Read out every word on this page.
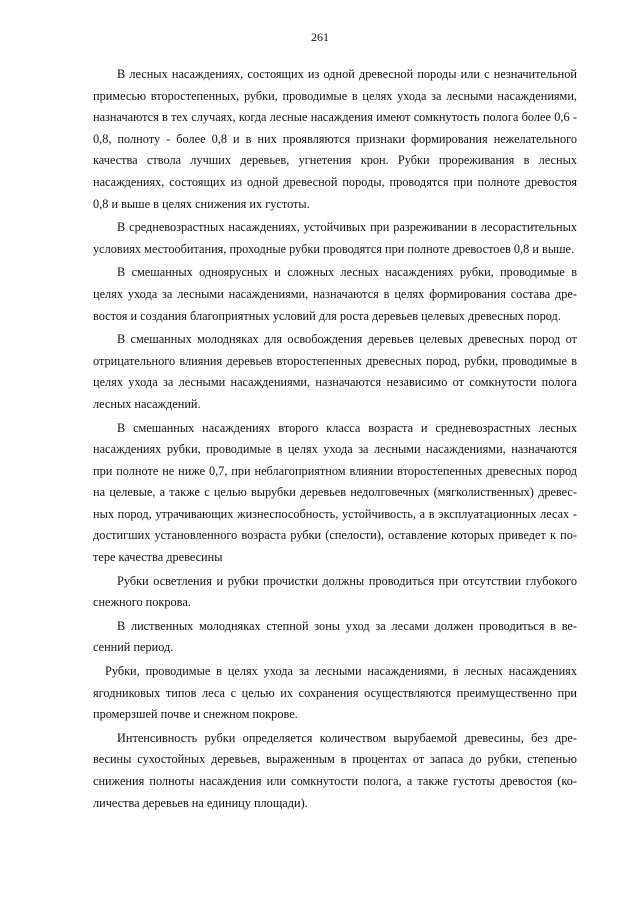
261

В лесных насаждениях, состоящих из одной древесной породы или с незначительной примесью второстепенных, рубки, проводимые в целях ухода за лесными насаждениями, назначаются в тех случаях, когда лесные насаждения имеют сомкнутость полога более 0,6 - 0,8, полноту - более 0,8 и в них проявляются признаки формирования нежелательного качества ствола лучших деревьев, угнетения крон. Рубки прореживания в лесных насаждениях, состоящих из одной древесной породы, проводятся при полноте древостоя 0,8 и выше в целях снижения их густоты.

В средневозрастных насаждениях, устойчивых при разреживании в лесорастительных условиях местообитания, проходные рубки проводятся при полноте древостоев 0,8 и выше.

В смешанных одноярусных и сложных лесных насаждениях рубки, проводимые в целях ухода за лесными насаждениями, назначаются в целях формирования состава древостоя и создания благоприятных условий для роста деревьев целевых древесных пород.

В смешанных молодняках для освобождения деревьев целевых древесных пород от отрицательного влияния деревьев второстепенных древесных пород, рубки, проводимые в целях ухода за лесными насаждениями, назначаются независимо от сомкнутости полога лесных насаждений.

В смешанных насаждениях второго класса возраста и средневозрастных лесных насаждениях рубки, проводимые в целях ухода за лесными насаждениями, назначаются при полноте не ниже 0,7, при неблагоприятном влиянии второстепенных древесных пород на целевые, а также с целью вырубки деревьев недолговечных (мягколиственных) древесных пород, утрачивающих жизнеспособность, устойчивость, а в эксплуатационных лесах - достигших установленного возраста рубки (спелости), оставление которых приведет к потере качества древесины

Рубки осветления и рубки прочистки должны проводиться при отсутствии глубокого снежного покрова.

В лиственных молодняках степной зоны уход за лесами должен проводиться в весенний период.

Рубки, проводимые в целях ухода за лесными насаждениями, в лесных насаждениях ягодниковых типов леса с целью их сохранения осуществляются преимущественно при промерзшей почве и снежном покрове.

Интенсивность рубки определяется количеством вырубаемой древесины, без древесины сухостойных деревьев, выраженным в процентах от запаса до рубки, степенью снижения полноты насаждения или сомкнутости полога, а также густоты древостоя (количества деревьев на единицу площади).
